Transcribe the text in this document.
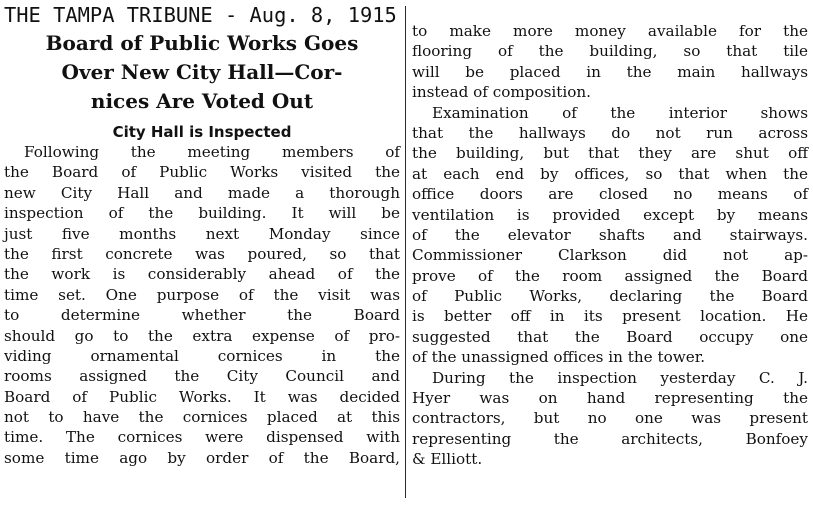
THE TAMPA TRIBUNE - Aug. 8, 1915
Board of Public Works Goes
Over New City Hall—Cor-
nices Are Voted Out
City Hall is Inspected
Following the meeting members of
the Board of Public Works visited the
new City Hall and made a thorough
inspection of the building. It will be
just five months next Monday since
the first concrete was poured, so that
the work is considerably ahead of the
time set. One purpose of the visit was
to determine whether the Board
should go to the extra expense of pro-
viding ornamental cornices in the
rooms assigned the City Council and
Board of Public Works. It was decided
not to have the cornices placed at this
time. The cornices were dispensed with
some time ago by order of the Board,
to make more money available for the
flooring of the building, so that tile
will be placed in the main hallways
instead of composition.
Examination of the interior shows
that the hallways do not run across
the building, but that they are shut off
at each end by offices, so that when the
office doors are closed no means of
ventilation is provided except by means
of the elevator shafts and stairways.
Commissioner Clarkson did not ap-
prove of the room assigned the Board
of Public Works, declaring the Board
is better off in its present location. He
suggested that the Board occupy one
of the unassigned offices in the tower.
During the inspection yesterday C. J.
Hyer was on hand representing the
contractors, but no one was present
representing the architects, Bonfoey
& Elliott.
